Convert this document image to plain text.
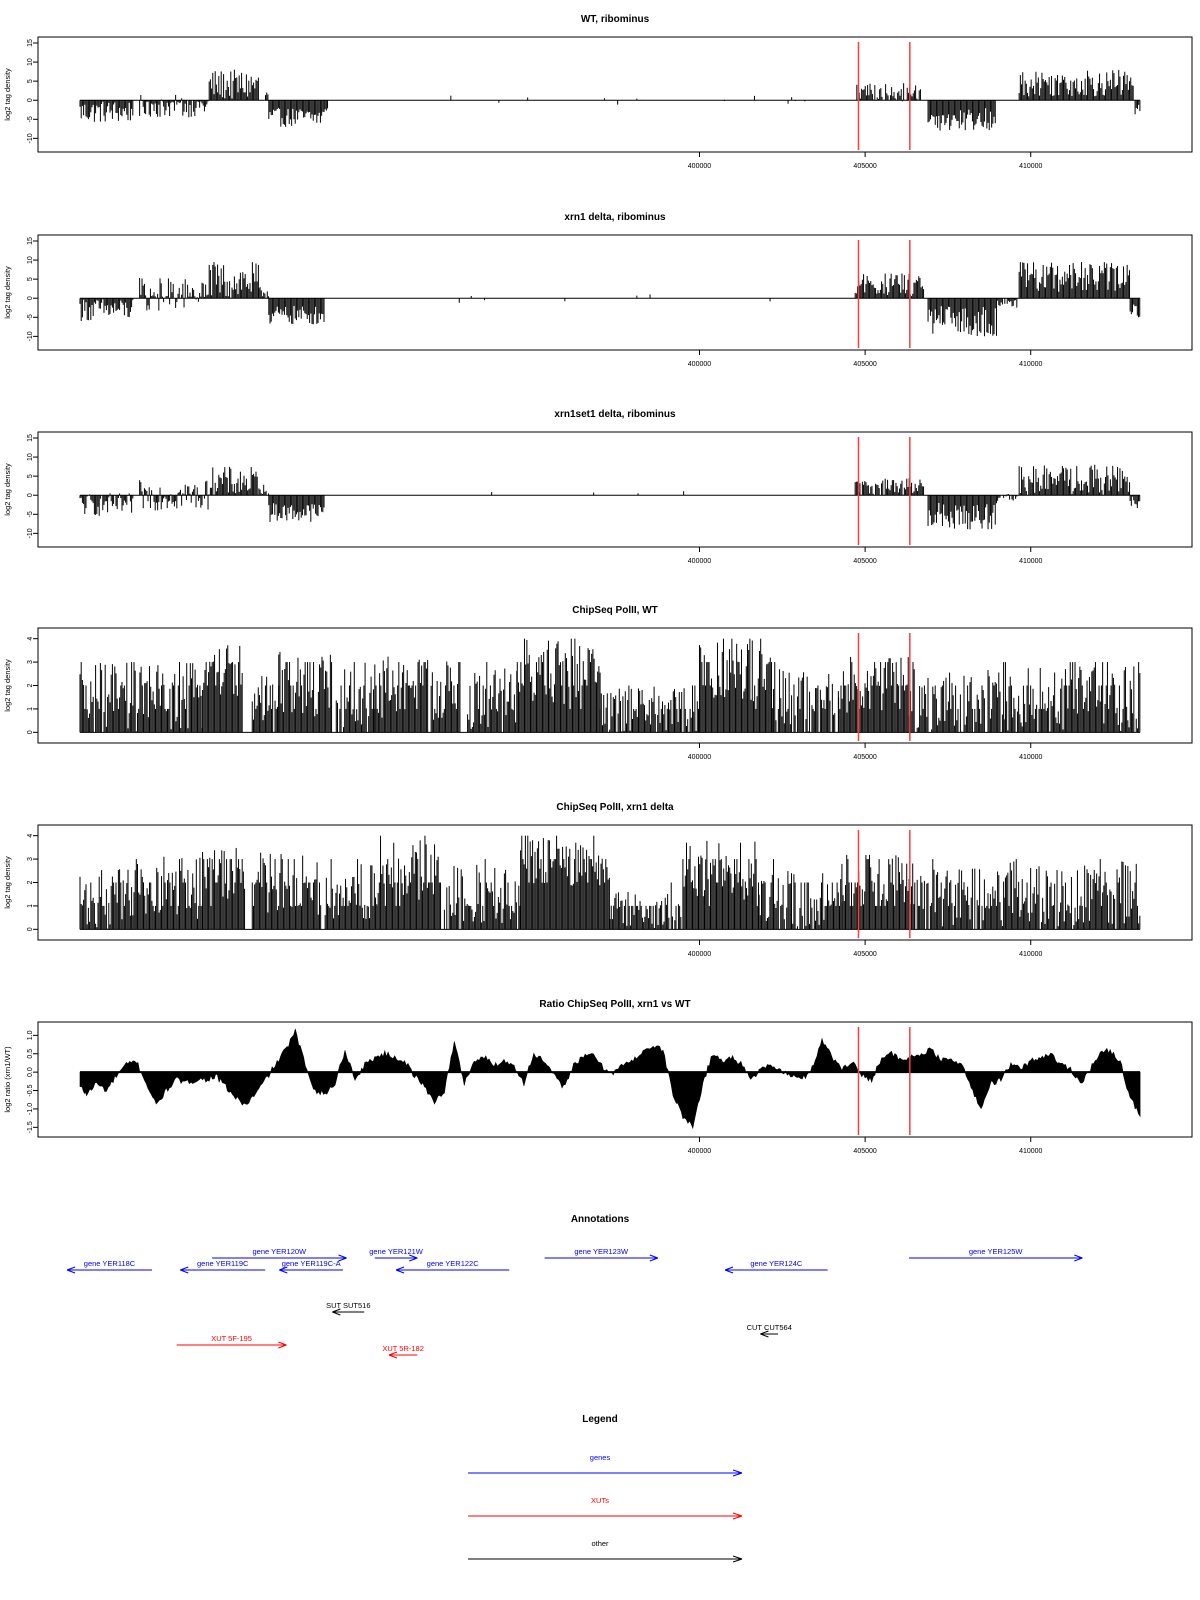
WT, ribominus
log2 tag density
15
10
5
0
-5
-10
400000	405000	410000
xrn1 delta, ribominus
log2 tag density
15
10
5
0
-5
-10
400000	405000	410000
xrn1set1 delta, ribominus
log2 tag density
15
10
5
0
-5
-10
400000	405000	410000
ChipSeq PolII, WT
log2 tag density
4
3
2
1
0
400000	405000	410000
ChipSeq PolII, xrn1 delta
log2 tag density
4
3
2
1
0
400000	405000	410000
Ratio ChipSeq PolII, xrn1 vs WT
log2 ratio (xrn1/WT)
1.0
0.5
0.0
-0.5
-1.0
-1.5
400000	405000	410000
Annotations
gene YER118C	gene YER119C	gene YER119C-A
gene YER120W	gene YER121W
gene YER122C
gene YER123W
gene YER124C
gene YER125W
SUT SUT516
XUT 5F-195
XUT 5R-182
CUT CUT564
Legend
genes
XUTs
other
